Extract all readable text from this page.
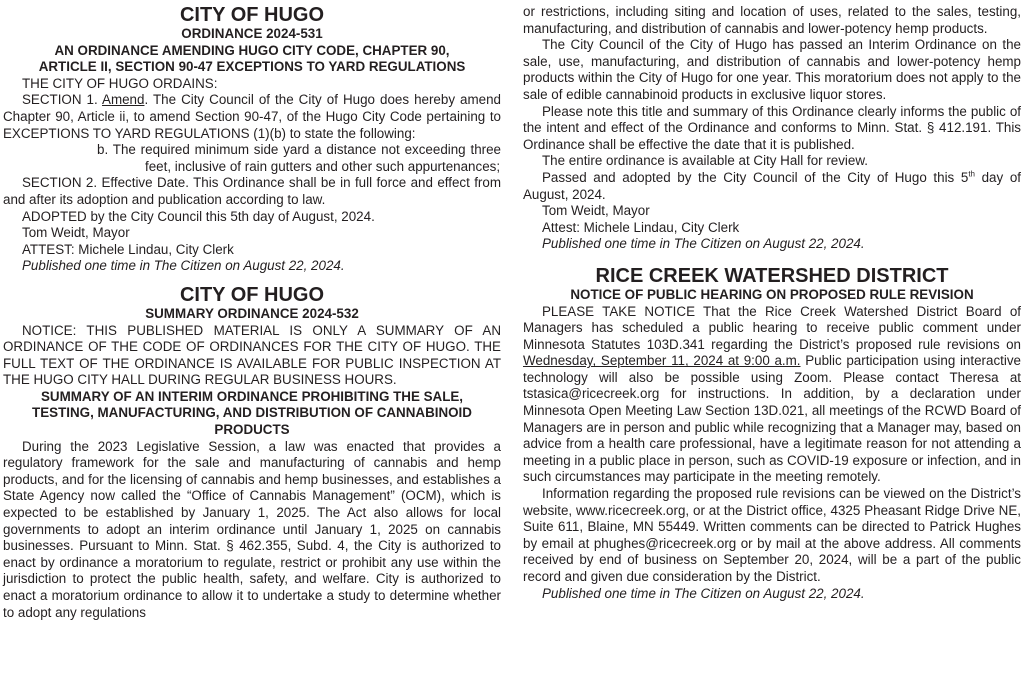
CITY OF HUGO
ORDINANCE 2024-531
AN ORDINANCE AMENDING HUGO CITY CODE, CHAPTER 90,
ARTICLE II, SECTION 90-47 EXCEPTIONS TO YARD REGULATIONS

THE CITY OF HUGO ORDAINS:

SECTION 1. Amend. The City Council of the City of Hugo does hereby amend Chapter 90, Article ii, to amend Section 90-47, of the Hugo City Code pertaining to EXCEPTIONS TO YARD REGULATIONS (1)(b) to state the following:

b. The required minimum side yard a distance not exceeding three feet, inclusive of rain gutters and other such appurtenances;

SECTION 2. Effective Date. This Ordinance shall be in full force and effect from and after its adoption and publication according to law.

ADOPTED by the City Council this 5th day of August, 2024.

Tom Weidt, Mayor

ATTEST: Michele Lindau, City Clerk

Published one time in The Citizen on August 22, 2024.

CITY OF HUGO
SUMMARY ORDINANCE 2024-532

NOTICE: THIS PUBLISHED MATERIAL IS ONLY A SUMMARY OF AN ORDINANCE OF THE CODE OF ORDINANCES FOR THE CITY OF HUGO. THE FULL TEXT OF THE ORDINANCE IS AVAILABLE FOR PUBLIC INSPECTION AT THE HUGO CITY HALL DURING REGULAR BUSINESS HOURS.

SUMMARY OF AN INTERIM ORDINANCE PROHIBITING THE SALE, TESTING, MANUFACTURING, AND DISTRIBUTION OF CANNABINOID PRODUCTS

During the 2023 Legislative Session, a law was enacted that provides a regulatory framework for the sale and manufacturing of cannabis and hemp products, and for the licensing of cannabis and hemp businesses, and establishes a State Agency now called the “Office of Cannabis Management” (OCM), which is expected to be established by January 1, 2025. The Act also allows for local governments to adopt an interim ordinance until January 1, 2025 on cannabis businesses. Pursuant to Minn. Stat. § 462.355, Subd. 4, the City is authorized to enact by ordinance a moratorium to regulate, restrict or prohibit any use within the jurisdiction to protect the public health, safety, and welfare. City is authorized to enact a moratorium ordinance to allow it to undertake a study to determine whether to adopt any regulations

or restrictions, including siting and location of uses, related to the sales, testing, manufacturing, and distribution of cannabis and lower-potency hemp products.

The City Council of the City of Hugo has passed an Interim Ordinance on the sale, use, manufacturing, and distribution of cannabis and lower-potency hemp products within the City of Hugo for one year. This moratorium does not apply to the sale of edible cannabinoid products in exclusive liquor stores.

Please note this title and summary of this Ordinance clearly informs the public of the intent and effect of the Ordinance and conforms to Minn. Stat. § 412.191. This Ordinance shall be effective the date that it is published.

The entire ordinance is available at City Hall for review.

Passed and adopted by the City Council of the City of Hugo this 5th day of August, 2024.

Tom Weidt, Mayor

Attest: Michele Lindau, City Clerk

Published one time in The Citizen on August 22, 2024.

RICE CREEK WATERSHED DISTRICT
NOTICE OF PUBLIC HEARING ON PROPOSED RULE REVISION

PLEASE TAKE NOTICE That the Rice Creek Watershed District Board of Managers has scheduled a public hearing to receive public comment under Minnesota Statutes 103D.341 regarding the District’s proposed rule revisions on Wednesday, September 11, 2024 at 9:00 a.m. Public participation using interactive technology will also be possible using Zoom. Please contact Theresa at tstasica@ricecreek.org for instructions. In addition, by a declaration under Minnesota Open Meeting Law Section 13D.021, all meetings of the RCWD Board of Managers are in person and public while recognizing that a Manager may, based on advice from a health care professional, have a legitimate reason for not attending a meeting in a public place in person, such as COVID-19 exposure or infection, and in such circumstances may participate in the meeting remotely.

Information regarding the proposed rule revisions can be viewed on the District’s website, www.ricecreek.org, or at the District office, 4325 Pheasant Ridge Drive NE, Suite 611, Blaine, MN 55449. Written comments can be directed to Patrick Hughes by email at phughes@ricecreek.org or by mail at the above address. All comments received by end of business on September 20, 2024, will be a part of the public record and given due consideration by the District.

Published one time in The Citizen on August 22, 2024.
